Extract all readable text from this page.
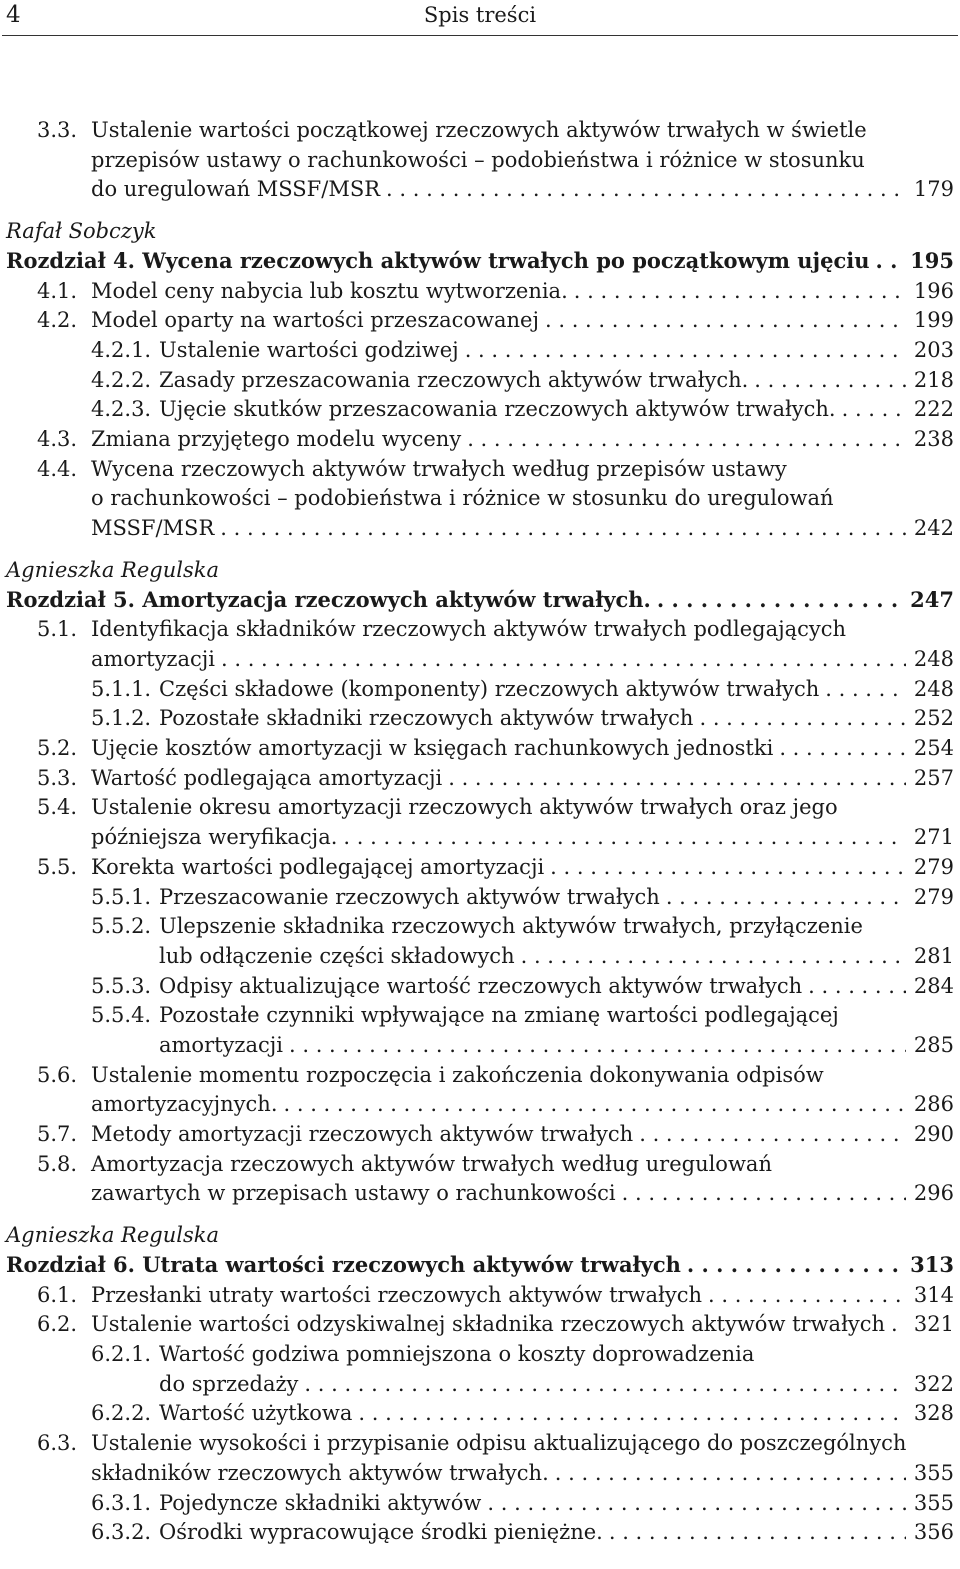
4	Spis treści
3.3. Ustalenie wartości początkowej rzeczowych aktywów trwałych w świetle
przepisów ustawy o rachunkowości – podobieństwa i różnice w stosunku
do uregulowań MSSF/MSR . . .	179
Rafał Sobczyk
Rozdział 4. Wycena rzeczowych aktywów trwałych po początkowym ujęciu . . .	195
4.1. Model ceny nabycia lub kosztu wytworzenia. . . .	196
4.2. Model oparty na wartości przeszacowanej . . .	199
4.2.1. Ustalenie wartości godziwej . . .	203
4.2.2. Zasady przeszacowania rzeczowych aktywów trwałych. . . .	218
4.2.3. Ujęcie skutków przeszacowania rzeczowych aktywów trwałych. . . .	222
4.3. Zmiana przyjętego modelu wyceny . . .	238
4.4. Wycena rzeczowych aktywów trwałych według przepisów ustawy
o rachunkowości – podobieństwa i różnice w stosunku do uregulowań
MSSF/MSR . . .	242
Agnieszka Regulska
Rozdział 5. Amortyzacja rzeczowych aktywów trwałych. . . .	247
5.1. Identyfikacja składników rzeczowych aktywów trwałych podlegających
amortyzacji . . .	248
5.1.1. Części składowe (komponenty) rzeczowych aktywów trwałych . . .	248
5.1.2. Pozostałe składniki rzeczowych aktywów trwałych . . .	252
5.2. Ujęcie kosztów amortyzacji w księgach rachunkowych jednostki . . .	254
5.3. Wartość podlegająca amortyzacji . . .	257
5.4. Ustalenie okresu amortyzacji rzeczowych aktywów trwałych oraz jego
późniejsza weryfikacja. . . .	271
5.5. Korekta wartości podlegającej amortyzacji . . .	279
5.5.1. Przeszacowanie rzeczowych aktywów trwałych . . .	279
5.5.2. Ulepszenie składnika rzeczowych aktywów trwałych, przyłączenie
lub odłączenie części składowych . . .	281
5.5.3. Odpisy aktualizujące wartość rzeczowych aktywów trwałych . . .	284
5.5.4. Pozostałe czynniki wpływające na zmianę wartości podlegającej
amortyzacji . . .	285
5.6. Ustalenie momentu rozpoczęcia i zakończenia dokonywania odpisów
amortyzacyjnych. . . .	286
5.7. Metody amortyzacji rzeczowych aktywów trwałych . . .	290
5.8. Amortyzacja rzeczowych aktywów trwałych według uregulowań
zawartych w przepisach ustawy o rachunkowości . . .	296
Agnieszka Regulska
Rozdział 6. Utrata wartości rzeczowych aktywów trwałych . . .	313
6.1. Przesłanki utraty wartości rzeczowych aktywów trwałych . . .	314
6.2. Ustalenie wartości odzyskiwalnej składnika rzeczowych aktywów trwałych . . .	321
6.2.1. Wartość godziwa pomniejszona o koszty doprowadzenia
do sprzedaży . . .	322
6.2.2. Wartość użytkowa . . .	328
6.3. Ustalenie wysokości i przypisanie odpisu aktualizującego do poszczególnych
składników rzeczowych aktywów trwałych. . . .	355
6.3.1. Pojedyncze składniki aktywów . . .	355
6.3.2. Ośrodki wypracowujące środki pieniężne. . . .	356
